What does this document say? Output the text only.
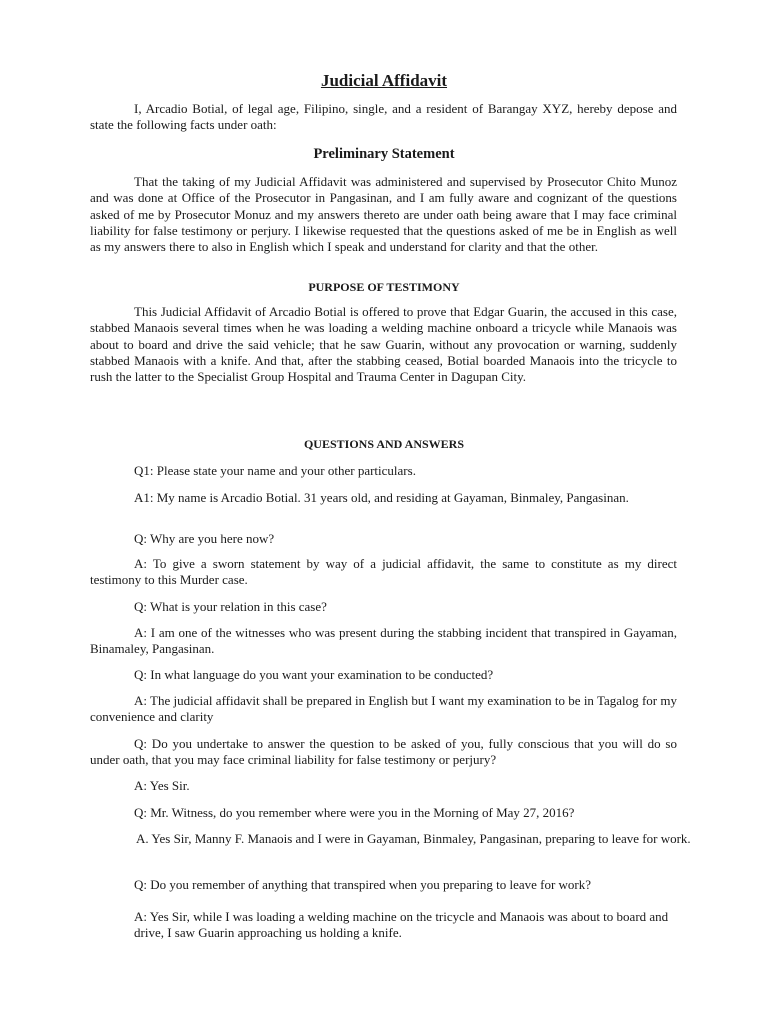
Judicial Affidavit

I, Arcadio Botial, of legal age, Filipino, single, and a resident of Barangay XYZ, hereby depose and state the following facts under oath:

Preliminary Statement

That the taking of my Judicial Affidavit was administered and supervised by Prosecutor Chito Munoz and was done at Office of the Prosecutor in Pangasinan, and I am fully aware and cognizant of the questions asked of me by Prosecutor Monuz and my answers thereto are under oath being aware that I may face criminal liability for false testimony or perjury. I likewise requested that the questions asked of me be in English as well as my answers there to also in English which I speak and understand for clarity and that the other.

PURPOSE OF TESTIMONY

This Judicial Affidavit of Arcadio Botial is offered to prove that Edgar Guarin, the accused in this case, stabbed Manaois several times when he was loading a welding machine onboard a tricycle while Manaois was about to board and drive the said vehicle; that he saw Guarin, without any provocation or warning, suddenly stabbed Manaois with a knife. And that, after the stabbing ceased, Botial boarded Manaois into the tricycle to rush the latter to the Specialist Group Hospital and Trauma Center in Dagupan City.

QUESTIONS AND ANSWERS

Q1: Please state your name and your other particulars.

A1: My name is Arcadio Botial. 31 years old, and residing at Gayaman, Binmaley, Pangasinan.

Q: Why are you here now?

A: To give a sworn statement by way of a judicial affidavit, the same to constitute as my direct testimony to this Murder case.

Q: What is your relation in this case?

A: I am one of the witnesses who was present during the stabbing incident that transpired in Gayaman, Binamaley, Pangasinan.

Q: In what language do you want your examination to be conducted?

A: The judicial affidavit shall be prepared in English but I want my examination to be in Tagalog for my convenience and clarity

Q: Do you undertake to answer the question to be asked of you, fully conscious that you will do so under oath, that you may face criminal liability for false testimony or perjury?

A: Yes Sir.

Q: Mr. Witness, do you remember where were you in the Morning of May 27, 2016?

A. Yes Sir, Manny F. Manaois and I were in Gayaman, Binmaley, Pangasinan, preparing to leave for work.

Q: Do you remember of anything that transpired when you preparing to leave for work?

A: Yes Sir, while I was loading a welding machine on the tricycle and Manaois was about to board and drive, I saw Guarin approaching us holding a knife.
